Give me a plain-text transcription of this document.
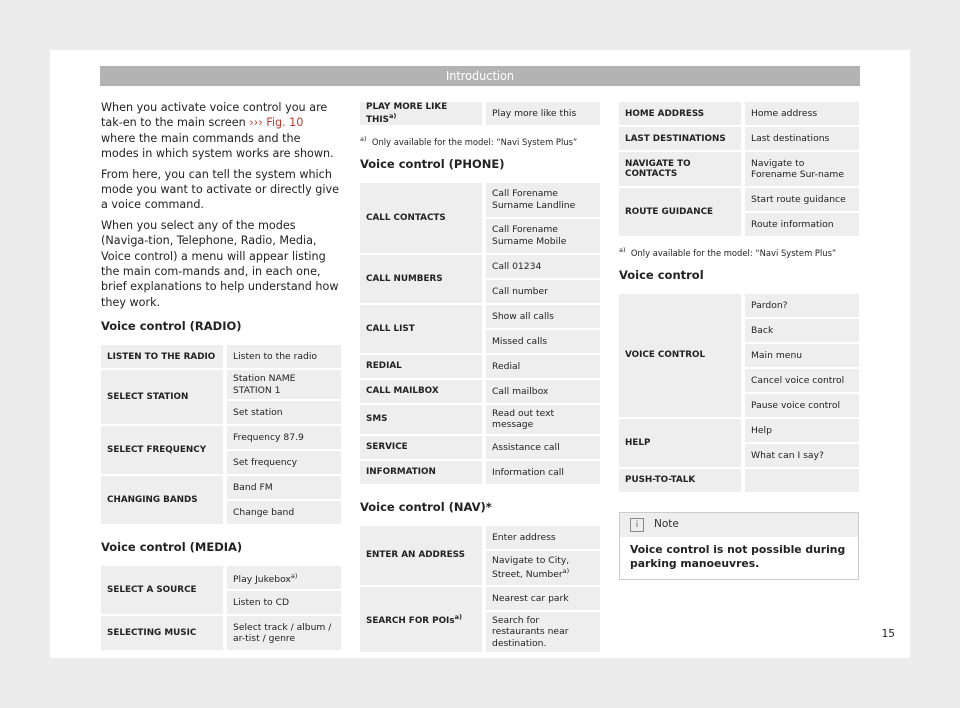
Introduction

When you activate voice control you are tak-en to the main screen ››› Fig. 10 where the main commands and the modes in which system works are shown.

From here, you can tell the system which mode you want to activate or directly give a voice command.

When you select any of the modes (Naviga-tion, Telephone, Radio, Media, Voice control) a menu will appear listing the main com-mands and, in each one, brief explanations to help understand how they work.

Voice control (RADIO)
LISTEN TO THE RADIO	Listen to the radio
SELECT STATION	Station NAME STATION 1
	Set station
SELECT FREQUENCY	Frequency 87.9
	Set frequency
CHANGING BANDS	Band FM
	Change band
Voice control (MEDIA)
SELECT A SOURCE	Play Jukebox$^{a)}$
	Listen to CD
SELECTING MUSIC	Select track / album / ar-tist / genre
PLAY MORE LIKE THIS$^{a)}$	Play more like this
$^{a)}$ Only available for the model: “Navi System Plus”
Voice control (PHONE)
CALL CONTACTS	Call Forename Surname Landline
	Call Forename Surname Mobile
CALL NUMBERS	Call 01234
	Call number
CALL LIST	Show all calls
	Missed calls
REDIAL	Redial
CALL MAILBOX	Call mailbox
SMS	Read out text message
SERVICE	Assistance call
INFORMATION	Information call
Voice control (NAV)*
ENTER AN ADDRESS	Enter address
	Navigate to City, Street, Number$^{a)}$
SEARCH FOR POIs$^{a)}$	Nearest car park
	Search for restaurants near destination.
HOME ADDRESS	Home address
LAST DESTINATIONS	Last destinations
NAVIGATE TO CONTACTS	Navigate to Forename Sur-name
ROUTE GUIDANCE	Start route guidance
	Route information
$^{a)}$ Only available for the model: “Navi System Plus”
Voice control
VOICE CONTROL	Pardon?
	Back
	Main menu
	Cancel voice control
	Pause voice control
HELP	Help
	What can I say?
PUSH-TO-TALK	
i Note
Voice control is not possible during parking manoeuvres.
15
